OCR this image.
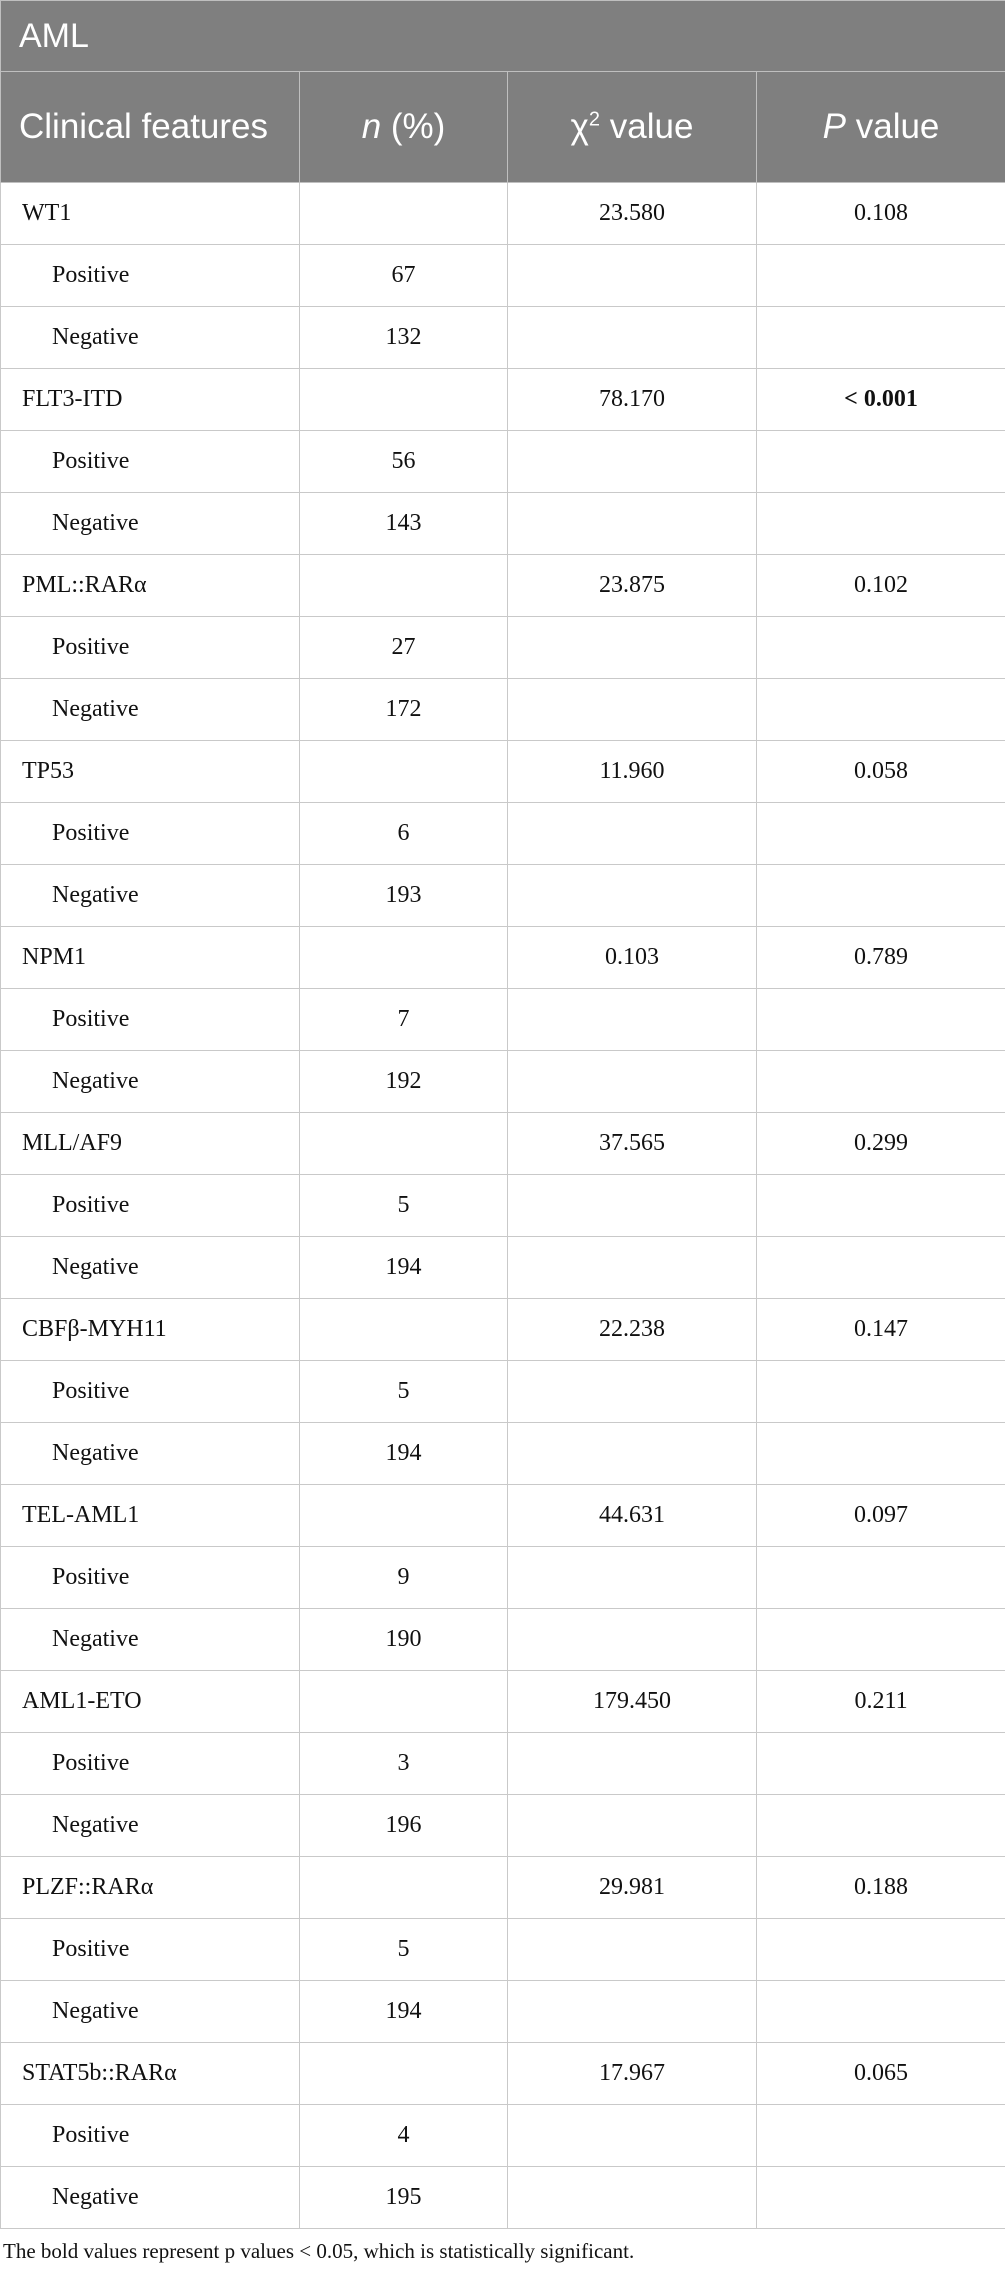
AML			
Clinical features	n (%)	$\chi^2$ value	P value
WT1		23.580	0.108
Positive	67		
Negative	132		
FLT3-ITD		78.170	< 0.001
Positive	56		
Negative	143		
PML::RARα		23.875	0.102
Positive	27		
Negative	172		
TP53		11.960	0.058
Positive	6		
Negative	193		
NPM1		0.103	0.789
Positive	7		
Negative	192		
MLL/AF9		37.565	0.299
Positive	5		
Negative	194		
CBFβ-MYH11		22.238	0.147
Positive	5		
Negative	194		
TEL-AML1		44.631	0.097
Positive	9		
Negative	190		
AML1-ETO		179.450	0.211
Positive	3		
Negative	196		
PLZF::RARα		29.981	0.188
Positive	5		
Negative	194		
STAT5b::RARα		17.967	0.065
Positive	4		
Negative	195		

The bold values represent p values < 0.05, which is statistically significant.
